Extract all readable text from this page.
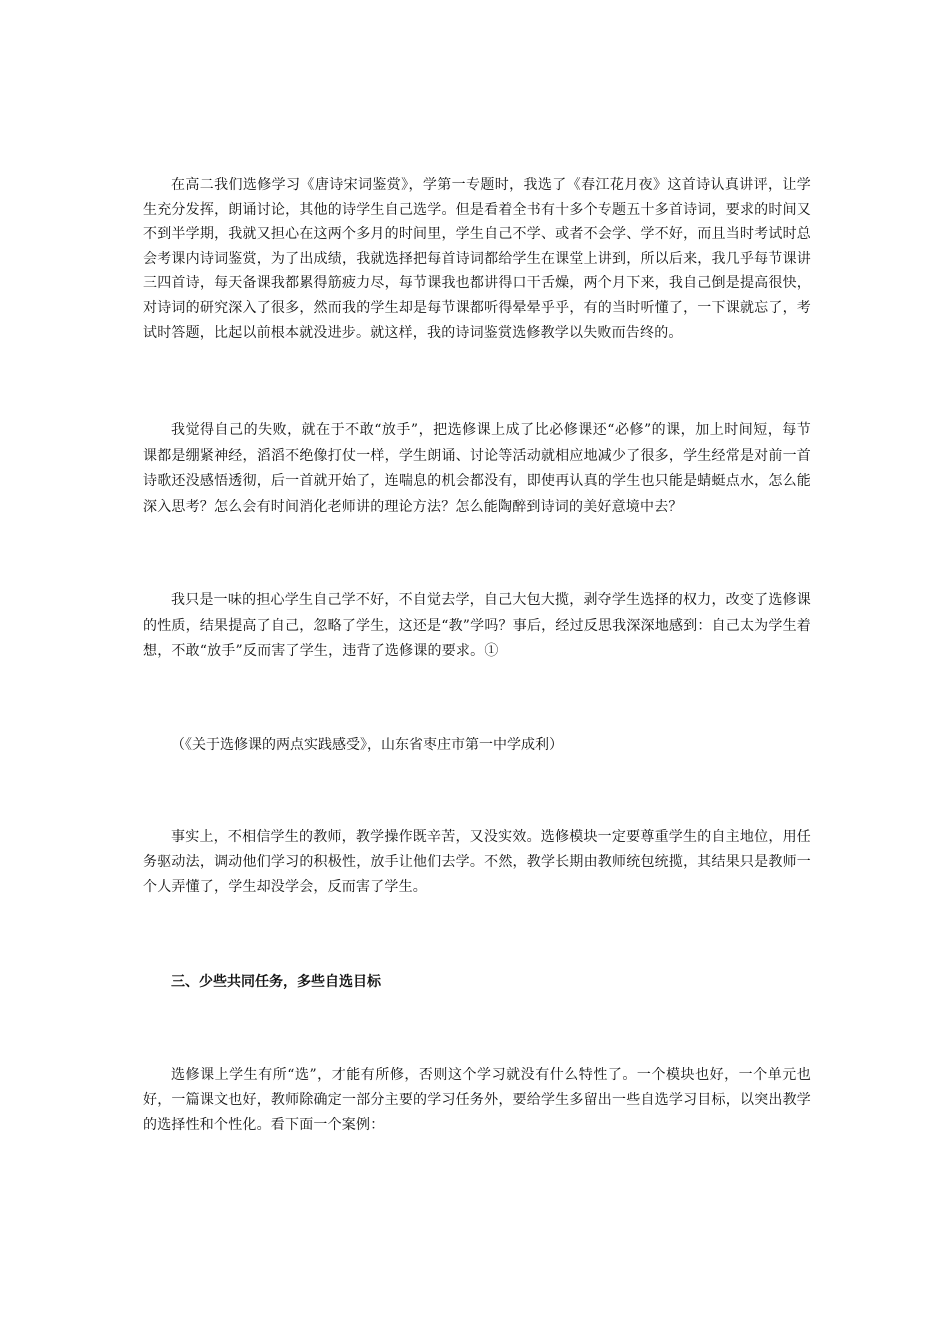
在高二我们选修学习《唐诗宋词鉴赏》，学第一专题时，我选了《春江花月夜》这首诗认真讲评，让学生充分发挥，朗诵讨论，其他的诗学生自己选学。但是看着全书有十多个专题五十多首诗词，要求的时间又不到半学期，我就又担心在这两个多月的时间里，学生自己不学、或者不会学、学不好，而且当时考试时总会考课内诗词鉴赏，为了出成绩，我就选择把每首诗词都给学生在课堂上讲到，所以后来，我几乎每节课讲三四首诗，每天备课我都累得筋疲力尽，每节课我也都讲得口干舌燥，两个月下来，我自己倒是提高很快，对诗词的研究深入了很多，然而我的学生却是每节课都听得晕晕乎乎，有的当时听懂了，一下课就忘了，考试时答题，比起以前根本就没进步。就这样，我的诗词鉴赏选修教学以失败而告终的。

我觉得自己的失败，就在于不敢“放手”，把选修课上成了比必修课还“必修”的课，加上时间短，每节课都是绷紧神经，滔滔不绝像打仗一样，学生朗诵、讨论等活动就相应地减少了很多，学生经常是对前一首诗歌还没感悟透彻，后一首就开始了，连喘息的机会都没有，即使再认真的学生也只能是蜻蜓点水，怎么能深入思考？怎么会有时间消化老师讲的理论方法？怎么能陶醉到诗词的美好意境中去？

我只是一味的担心学生自己学不好，不自觉去学，自己大包大揽，剥夺学生选择的权力，改变了选修课的性质，结果提高了自己，忽略了学生，这还是“教”学吗？事后，经过反思我深深地感到：自己太为学生着想，不敢“放手”反而害了学生，违背了选修课的要求。①

（《关于选修课的两点实践感受》，山东省枣庄市第一中学成利）

事实上，不相信学生的教师，教学操作既辛苦，又没实效。选修模块一定要尊重学生的自主地位，用任务驱动法，调动他们学习的积极性，放手让他们去学。不然，教学长期由教师统包统揽，其结果只是教师一个人弄懂了，学生却没学会，反而害了学生。

三、少些共同任务，多些自选目标

选修课上学生有所“选”，才能有所修，否则这个学习就没有什么特性了。一个模块也好，一个单元也好，一篇课文也好，教师除确定一部分主要的学习任务外，要给学生多留出一些自选学习目标，以突出教学的选择性和个性化。看下面一个案例：
